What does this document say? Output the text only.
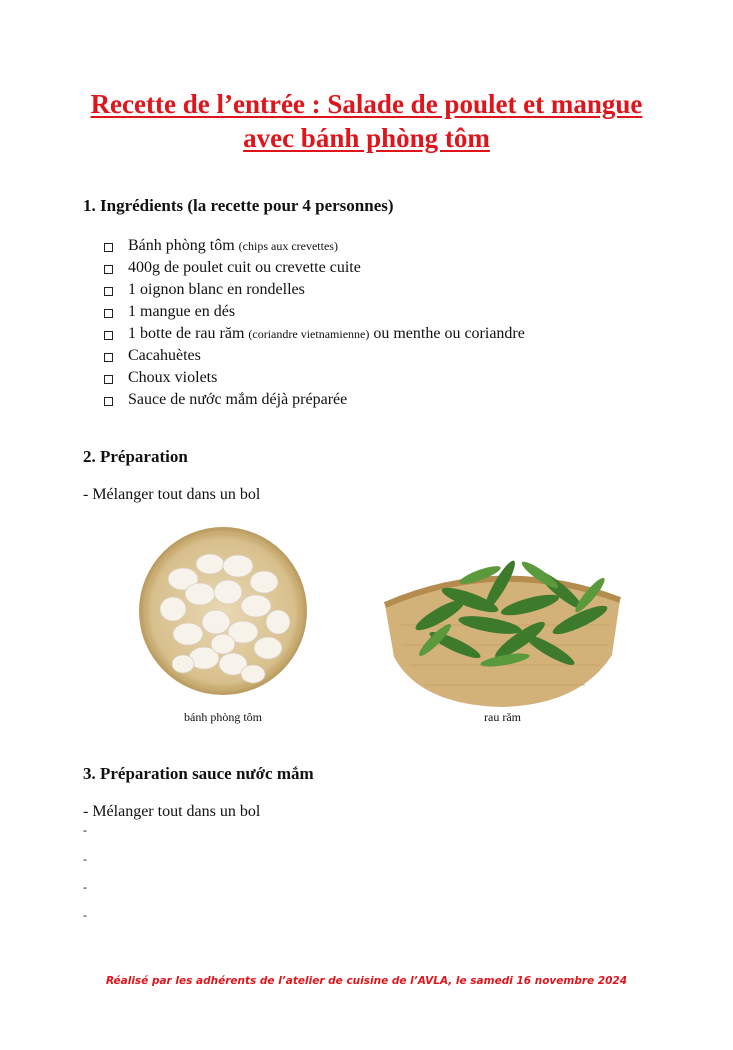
Recette de l’entrée : Salade de poulet et mangue
avec bánh phòng tôm
1. Ingrédients (la recette pour 4 personnes)
Bánh phòng tôm (chips aux crevettes)
400g de poulet cuit ou crevette cuite
1 oignon blanc en rondelles
1 mangue en dés
1 botte de rau răm (coriandre vietnamienne) ou menthe ou coriandre
Cacahuètes
Choux violets
Sauce de nước mắm déjà préparée
2. Préparation
- Mélanger tout dans un bol
bánh phòng tôm	rau răm
3. Préparation sauce nước mắm
- Mélanger tout dans un bol
-
-
-
-
Réalisé par les adhérents de l’atelier de cuisine de l’AVLA, le samedi 16 novembre 2024
